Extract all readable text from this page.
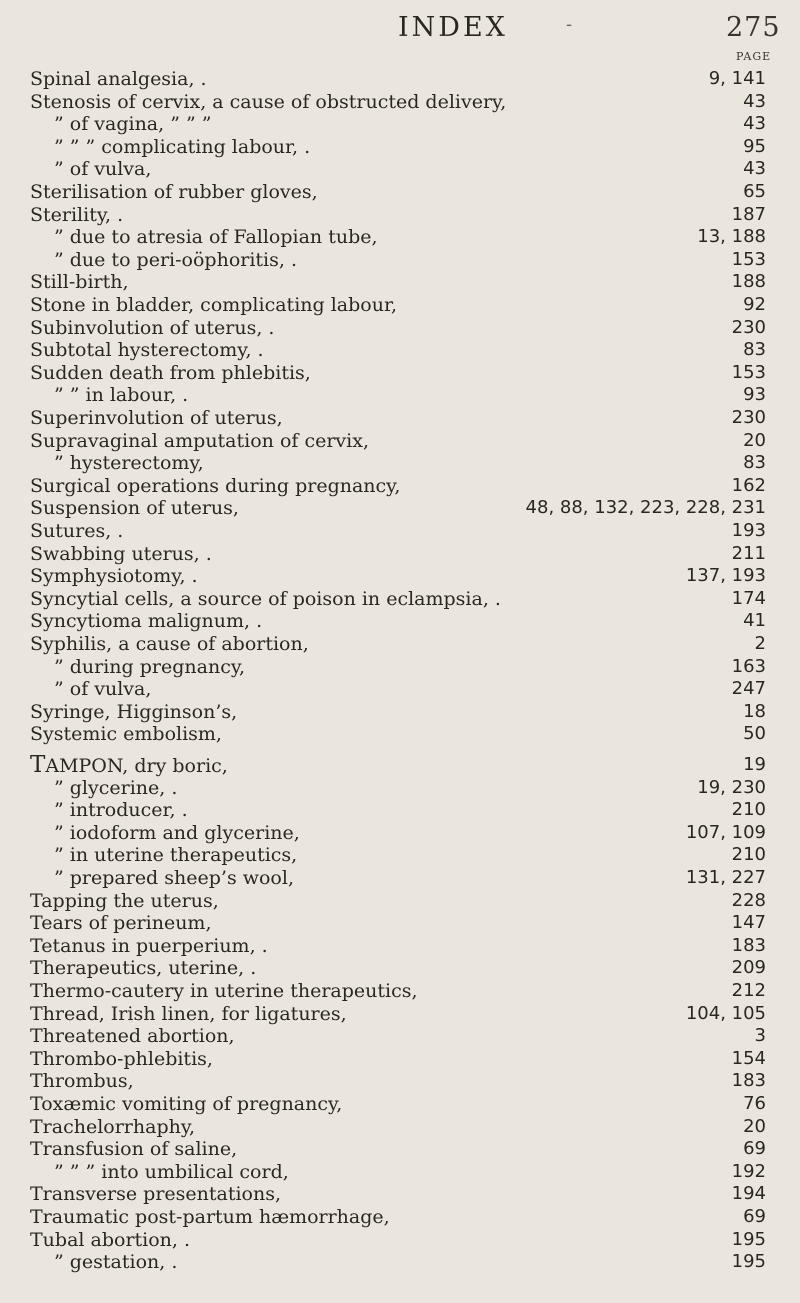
INDEX	-	275
PAGE
Spinal analgesia, .	9, 141
Stenosis of cervix, a cause of obstructed delivery,	43
” of vagina, ” ” ”	43
” ” ” complicating labour, .	95
” of vulva,	43
Sterilisation of rubber gloves,	65
Sterility, .	187
” due to atresia of Fallopian tube,	13, 188
” due to peri-oöphoritis, .	153
Still-birth,	188
Stone in bladder, complicating labour,	92
Subinvolution of uterus, .	230
Subtotal hysterectomy, .	83
Sudden death from phlebitis,	153
” ” in labour, .	93
Superinvolution of uterus,	230
Supravaginal amputation of cervix,	20
” hysterectomy,	83
Surgical operations during pregnancy,	162
Suspension of uterus,	48, 88, 132, 223, 228, 231
Sutures, .	193
Swabbing uterus, .	211
Symphysiotomy, .	137, 193
Syncytial cells, a source of poison in eclampsia, .	174
Syncytioma malignum, .	41
Syphilis, a cause of abortion,	2
” during pregnancy,	163
” of vulva,	247
Syringe, Higginson’s,	18
Systemic embolism,	50
TAMPON, dry boric,	19
” glycerine, .	19, 230
” introducer, .	210
” iodoform and glycerine,	107, 109
” in uterine therapeutics,	210
” prepared sheep’s wool,	131, 227
Tapping the uterus,	228
Tears of perineum,	147
Tetanus in puerperium, .	183
Therapeutics, uterine, .	209
Thermo-cautery in uterine therapeutics,	212
Thread, Irish linen, for ligatures,	104, 105
Threatened abortion,	3
Thrombo-phlebitis,	154
Thrombus,	183
Toxæmic vomiting of pregnancy,	76
Trachelorrhaphy,	20
Transfusion of saline,	69
” ” ” into umbilical cord,	192
Transverse presentations,	194
Traumatic post-partum hæmorrhage,	69
Tubal abortion, .	195
” gestation, .	195
